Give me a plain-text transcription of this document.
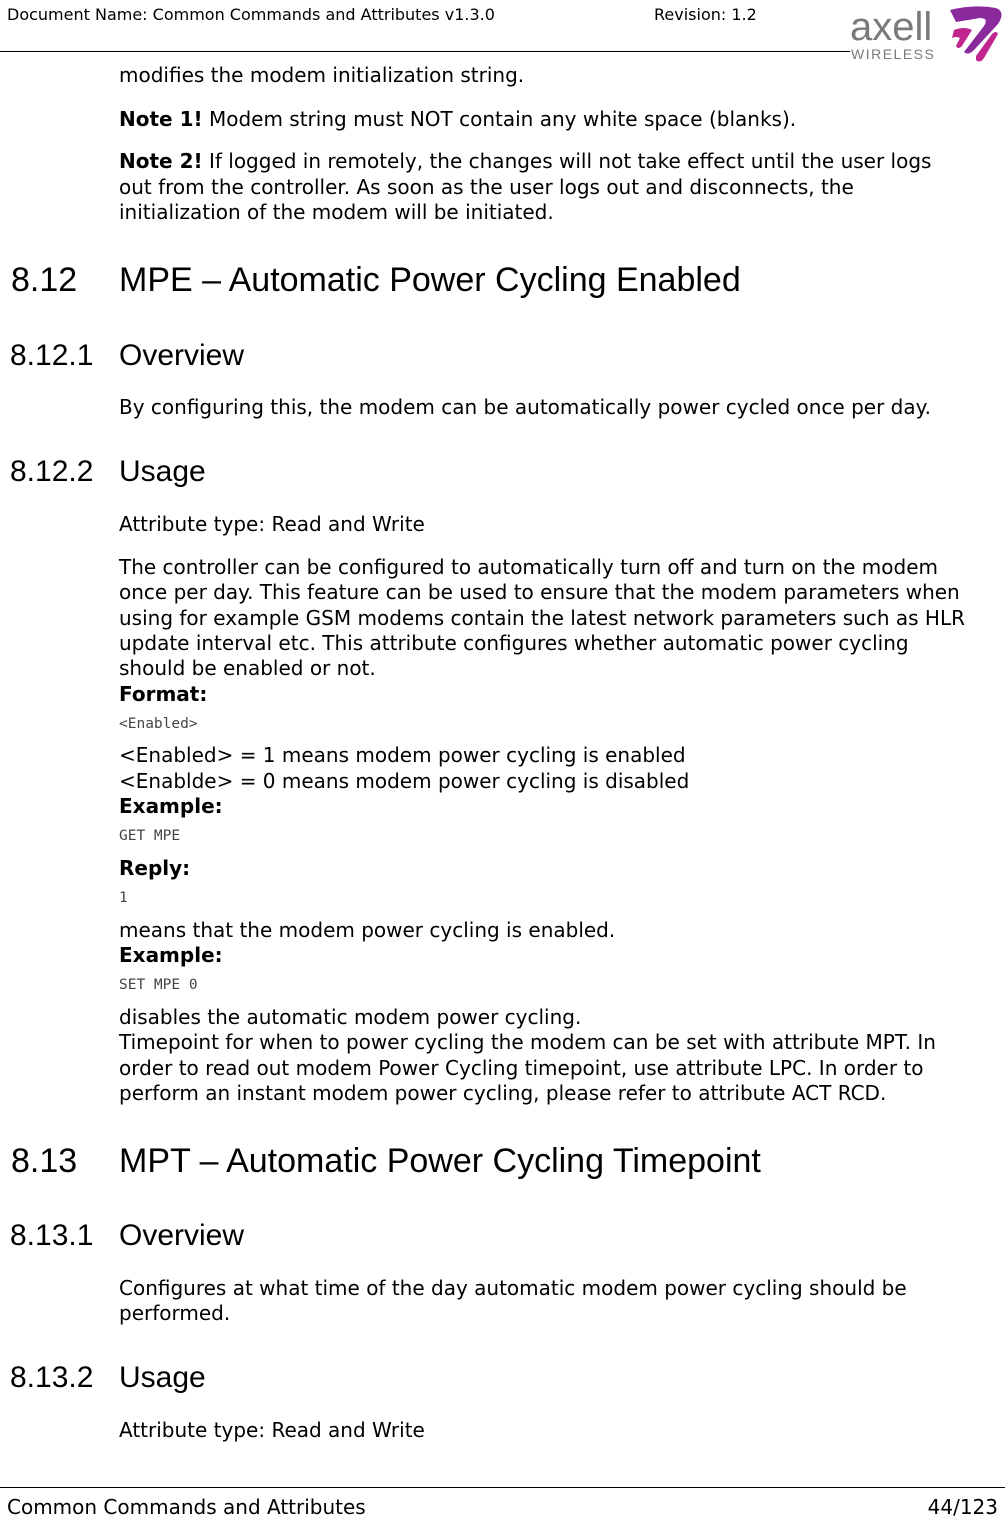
Document Name: Common Commands and Attributes v1.3.0	Revision: 1.2 axell
WIRELESS
modifies the modem initialization string.
Note 1! Modem string must NOT contain any white space (blanks).
Note 2! If logged in remotely, the changes will not take effect until the user logs
out from the controller. As soon as the user logs out and disconnects, the
initialization of the modem will be initiated.
8.12 MPE – Automatic Power Cycling Enabled
8.12.1 Overview
By configuring this, the modem can be automatically power cycled once per day.
8.12.2 Usage
Attribute type: Read and Write
The controller can be configured to automatically turn off and turn on the modem
once per day. This feature can be used to ensure that the modem parameters when
using for example GSM modems contain the latest network parameters such as HLR
update interval etc. This attribute configures whether automatic power cycling
should be enabled or not.
Format:
<Enabled>
<Enabled> = 1 means modem power cycling is enabled
<Enablde> = 0 means modem power cycling is disabled
Example:
GET MPE
Reply:
1
means that the modem power cycling is enabled.
Example:
SET MPE 0
disables the automatic modem power cycling.
Timepoint for when to power cycling the modem can be set with attribute MPT. In
order to read out modem Power Cycling timepoint, use attribute LPC. In order to
perform an instant modem power cycling, please refer to attribute ACT RCD.
8.13 MPT – Automatic Power Cycling Timepoint
8.13.1 Overview
Configures at what time of the day automatic modem power cycling should be
performed.
8.13.2 Usage
Attribute type: Read and Write
Common Commands and Attributes	44/123
